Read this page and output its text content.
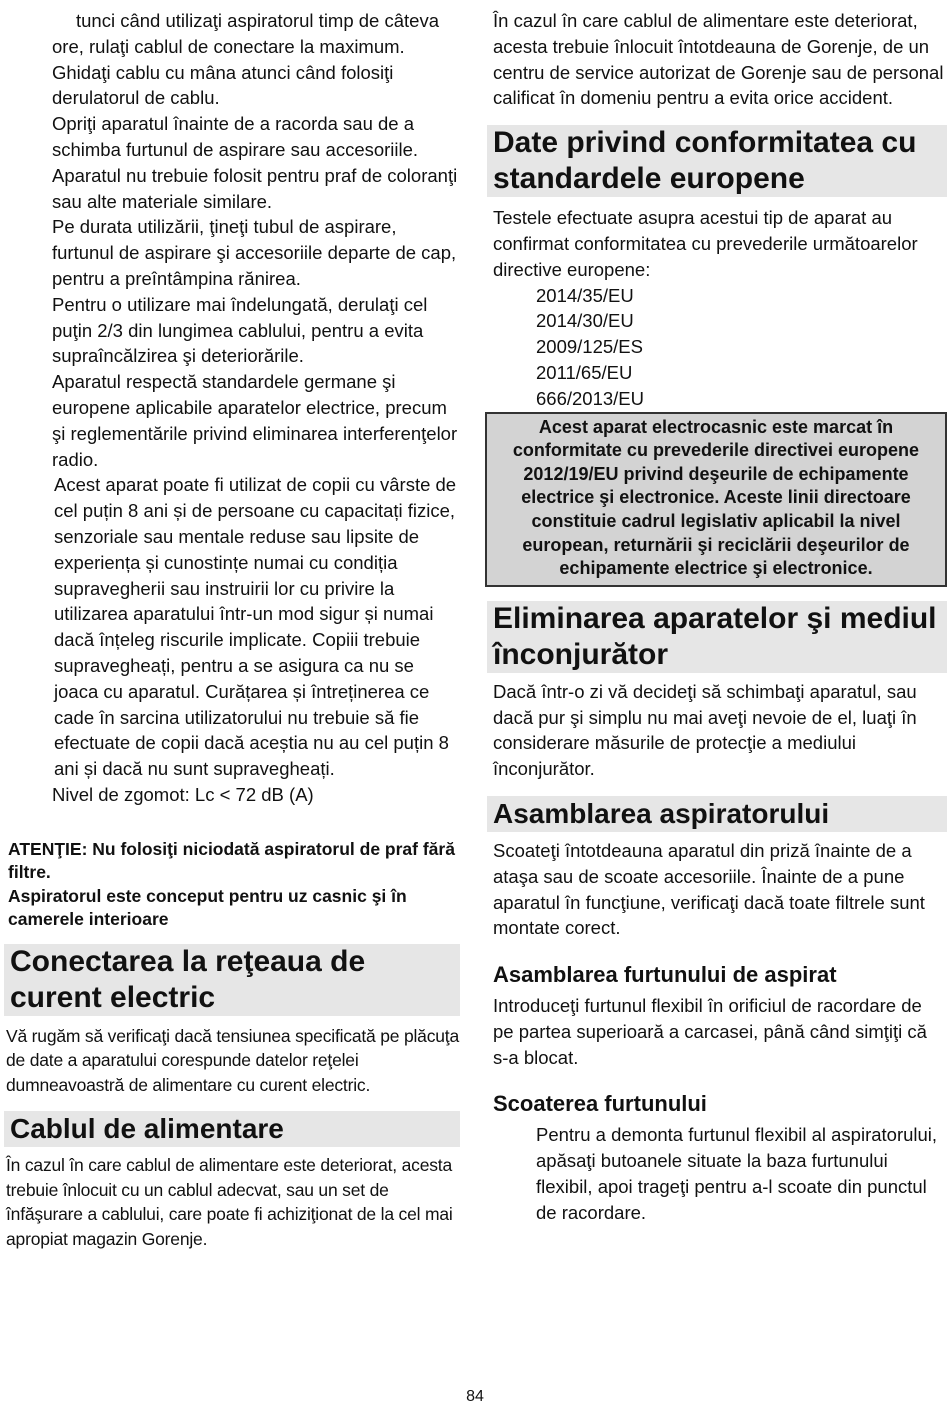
tunci când utilizaţi aspiratorul timp de câteva ore, rulaţi cablul de conectare la maximum.

Ghidaţi cablu cu mâna atunci când folosiţi derulatorul de cablu.

Opriţi aparatul înainte de a racorda sau de a schimba furtunul de aspirare sau accesoriile.

Aparatul nu trebuie folosit pentru praf de coloranţi sau alte materiale similare.

Pe durata utilizării, ţineţi tubul de aspirare, furtunul de aspirare şi accesoriile departe de cap, pentru a preîntâmpina rănirea.

Pentru o utilizare mai îndelungată, derulaţi cel puţin 2/3 din lungimea cablului, pentru a evita supraîncălzirea şi deteriorările.

Aparatul respectă standardele germane şi europene aplicabile aparatelor electrice, precum şi reglementările privind eliminarea interferenţelor radio.

Acest aparat poate fi utilizat de copii cu vârste de cel puțin 8 ani și de persoane cu capacitați fizice, senzoriale sau mentale reduse sau lipsite de experiența și cunostințe numai cu condiția supravegherii sau instruirii lor cu privire la utilizarea aparatului într-un mod sigur și numai dacă înțeleg riscurile implicate. Copiii trebuie supravegheați, pentru a se asigura ca nu se joaca cu aparatul. Curățarea și întreținerea ce cade în sarcina utilizatorului nu trebuie să fie efectuate de copii dacă aceștia nu au cel puțin 8 ani și dacă nu sunt supravegheați.

Nivel de zgomot: Lc < 72 dB (A)

ATENŢIE: Nu folosiţi niciodată aspiratorul de praf fără filtre.

Aspiratorul este conceput pentru uz casnic şi în camerele interioare

Conectarea la reţeaua de curent electric

Vă rugăm să verificaţi dacă tensiunea specificată pe plăcuţa de date a aparatului corespunde datelor reţelei dumneavoastră de alimentare cu curent electric.

Cablul de alimentare

În cazul în care cablul de alimentare este deteriorat, acesta trebuie înlocuit cu un cablul adecvat, sau un set de înfăşurare a cablului, care poate fi achiziţionat de la cel mai apropiat magazin Gorenje.

În cazul în care cablul de alimentare este deteriorat, acesta trebuie înlocuit întotdeauna de Gorenje, de un centru de service autorizat de Gorenje sau de personal calificat în domeniu pentru a evita orice accident.

Date privind conformitatea cu standardele europene

Testele efectuate asupra acestui tip de aparat au confirmat conformitatea cu prevederile următoarelor directive europene:

2014/35/EU
2014/30/EU
2009/125/ES
2011/65/EU
666/2013/EU

Acest aparat electrocasnic este marcat în conformitate cu prevederile directivei europene 2012/19/EU privind deşeurile de echipamente electrice şi electronice. Aceste linii directoare constituie cadrul legislativ aplicabil la nivel european, returnării şi reciclării deşeurilor de echipamente electrice şi electronice.

Eliminarea aparatelor şi mediul înconjurător

Dacă într-o zi vă decideţi să schimbaţi aparatul, sau dacă pur şi simplu nu mai aveţi nevoie de el, luaţi în considerare măsurile de protecţie a mediului înconjurător.

Asamblarea aspiratorului

Scoateţi întotdeauna aparatul din priză înainte de a ataşa sau de scoate accesoriile. Înainte de a pune aparatul în funcţiune, verificaţi dacă toate filtrele sunt montate corect.

Asamblarea furtunului de aspirat

Introduceţi furtunul flexibil în orificiul de racordare de pe partea superioară a carcasei, până când simţiţi că s-a blocat.

Scoaterea furtunului

Pentru a demonta furtunul flexibil al aspiratorului, apăsaţi butoanele situate la baza furtunului flexibil, apoi trageţi pentru a-l scoate din punctul de racordare.

84
